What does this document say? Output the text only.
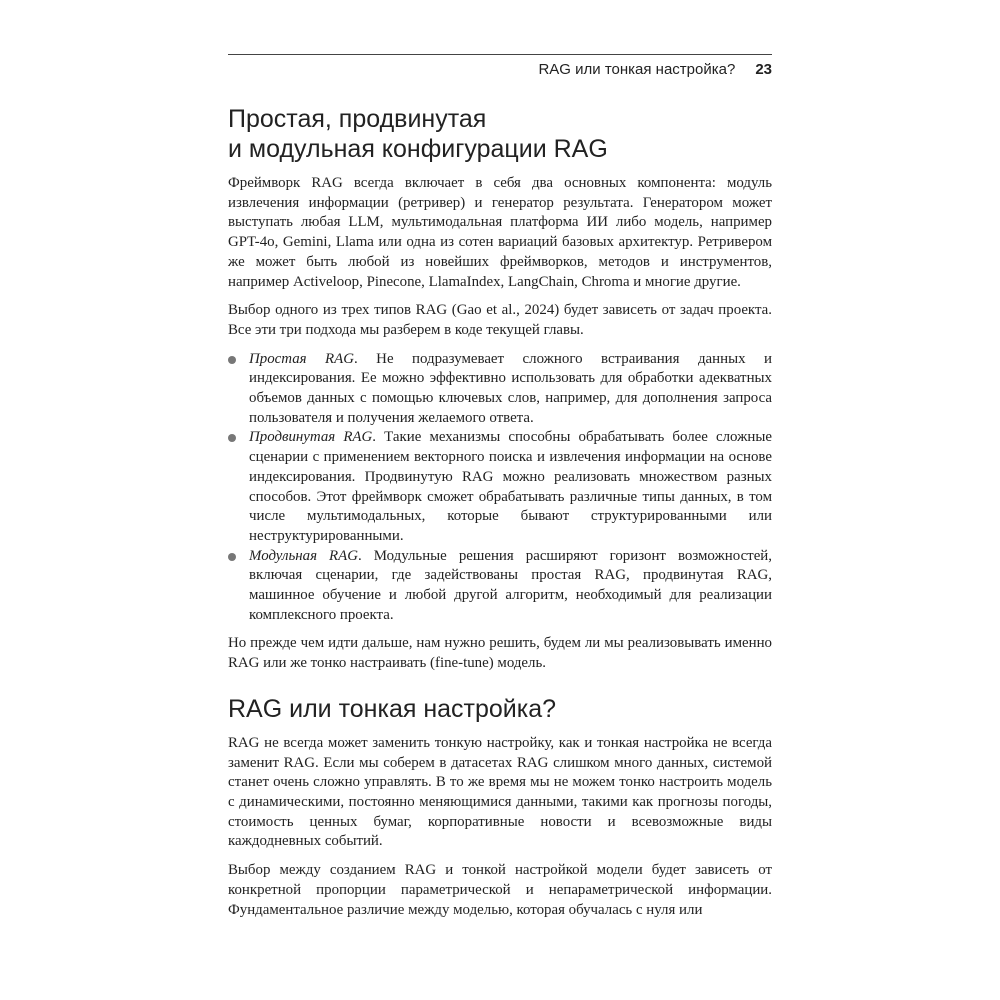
RAG или тонкая настройка? 23
Простая, продвинутая
и модульная конфигурации RAG

Фреймворк RAG всегда включает в себя два основных компонента: модуль извлечения информации (ретривер) и генератор результата. Генератором может выступать любая LLM, мультимодальная платформа ИИ либо модель, например GPT-4o, Gemini, Llama или одна из сотен вариаций базовых архитектур. Ретривером же может быть любой из новейших фреймворков, методов и инструментов, например Activeloop, Pinecone, LlamaIndex, LangChain, Chroma и многие другие.

Выбор одного из трех типов RAG (Gao et al., 2024) будет зависеть от задач проекта. Все эти три подхода мы разберем в коде текущей главы.

Простая RAG. Не подразумевает сложного встраивания данных и индексирования. Ее можно эффективно использовать для обработки адекватных объемов данных с помощью ключевых слов, например, для дополнения запроса пользователя и получения желаемого ответа.
Продвинутая RAG. Такие механизмы способны обрабатывать более сложные сценарии с применением векторного поиска и извлечения информации на основе индексирования. Продвинутую RAG можно реализовать множеством разных способов. Этот фреймворк сможет обрабатывать различные типы данных, в том числе мультимодальных, которые бывают структурированными или неструктурированными.
Модульная RAG. Модульные решения расширяют горизонт возможностей, включая сценарии, где задействованы простая RAG, продвинутая RAG, машинное обучение и любой другой алгоритм, необходимый для реализации комплексного проекта.

Но прежде чем идти дальше, нам нужно решить, будем ли мы реализовывать именно RAG или же тонко настраивать (fine-tune) модель.

RAG или тонкая настройка?

RAG не всегда может заменить тонкую настройку, как и тонкая настройка не всегда заменит RAG. Если мы соберем в датасетах RAG слишком много данных, системой станет очень сложно управлять. В то же время мы не можем тонко настроить модель с динамическими, постоянно меняющимися данными, такими как прогнозы погоды, стоимость ценных бумаг, корпоративные новости и всевозможные виды каждодневных событий.

Выбор между созданием RAG и тонкой настройкой модели будет зависеть от конкретной пропорции параметрической и непараметрической информации. Фундаментальное различие между моделью, которая обучалась с нуля или
